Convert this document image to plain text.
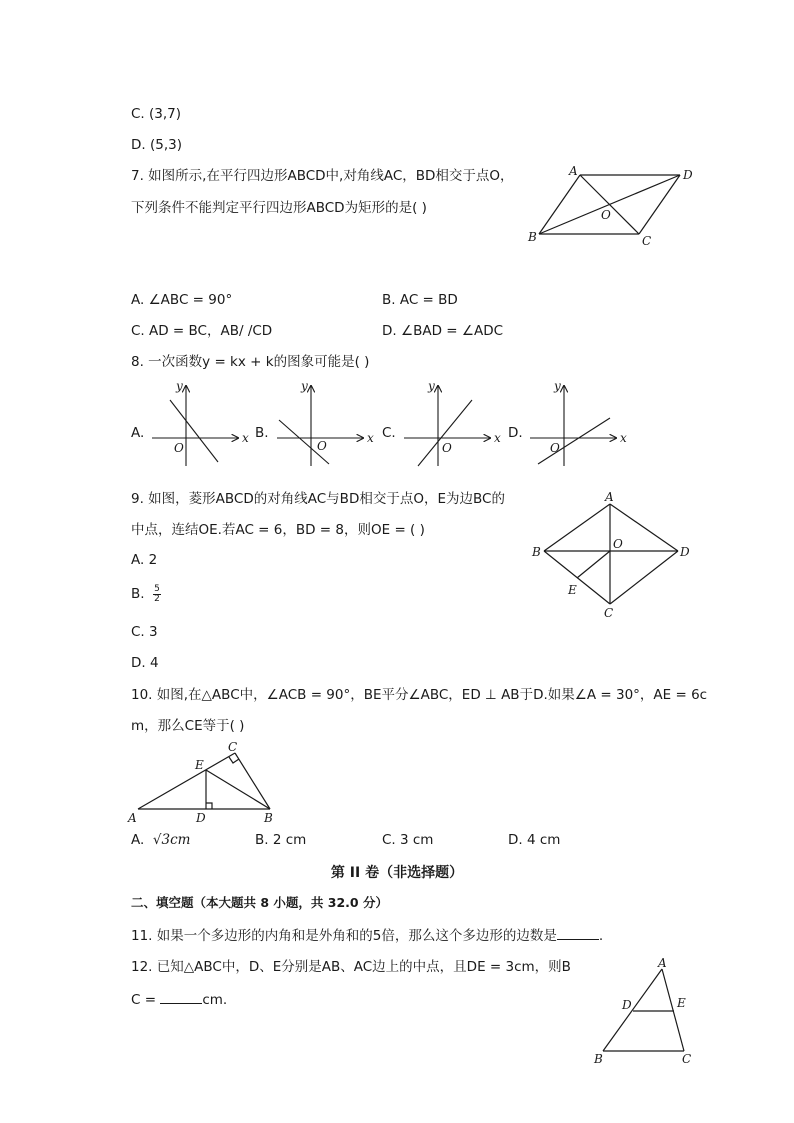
C. (3,7)
D. (5,3)
7. 如图所示,在平行四边形ABCD中,对角线AC，BD相交于点O，
下列条件不能判定平行四边形ABCD为矩形的是( )
A	D
B	C
O
A. ∠ABC = 90°	B. AC = BD
C. AD = BC，AB/ /CD	D. ∠BAD = ∠ADC
8. 一次函数y = kx + k的图象可能是( )
A.	B.	C.	D.
x
y
O
x
y
O
x
y
O
x
y
O
9. 如图，菱形ABCD的对角线AC与BD相交于点O，E为边BC的
中点，连结OE.若AC = 6，BD = 8，则OE = ( )
A
B	D
C
O
E
A. 2
B. $\frac{5}{2}$
C. 3
D. 4
10. 如图,在△ABC中，∠ACB = 90°，BE平分∠ABC，ED ⊥ AB于D.如果∠A = 30°，AE = 6c
m，那么CE等于( )
A	D	B
C
E
A. √3cm	B. 2 cm	C. 3 cm	D. 4 cm
第 II 卷（非选择题）
二、填空题（本大题共 8 小题，共 32.0 分）
11. 如果一个多边形的内角和是外角和的5倍，那么这个多边形的边数是	.
12. 已知△ABC中，D、E分别是AB、AC边上的中点，且DE = 3cm，则B
C =	cm.
A
D	E
B	C
